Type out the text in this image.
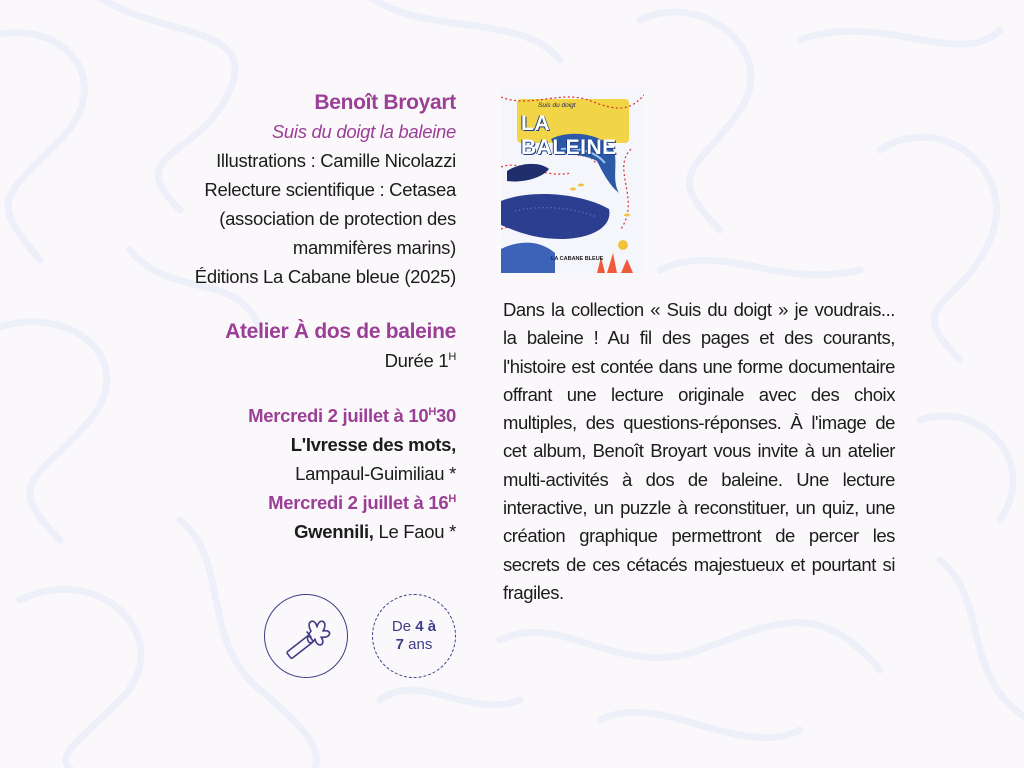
Benoît Broyart
Suis du doigt la baleine
Illustrations : Camille Nicolazzi
Relecture scientifique : Cetasea
(association de protection des
mammifères marins)
Éditions La Cabane bleue (2025)
Atelier À dos de baleine
Durée $1^H$
Mercredi 2 juillet à $10^H30$
L'Ivresse des mots,
Lampaul-Guimiliau *
Mercredi 2 juillet à $16^H$
Gwennili, Le Faou *
De 4 à
7 ans
Suis du doigt
LA BALEINE
LA CABANE BLEUE
Dans la collection « Suis du doigt » je voudrais... la baleine ! Au fil des pages et des courants, l'histoire est contée dans une forme documentaire offrant une lecture originale avec des choix multiples, des questions-réponses. À l'image de cet album, Benoît Broyart vous invite à un atelier multi-activités à dos de baleine. Une lecture interactive, un puzzle à reconstituer, un quiz, une création graphique permettront de percer les secrets de ces cétacés majestueux et pourtant si fragiles.
